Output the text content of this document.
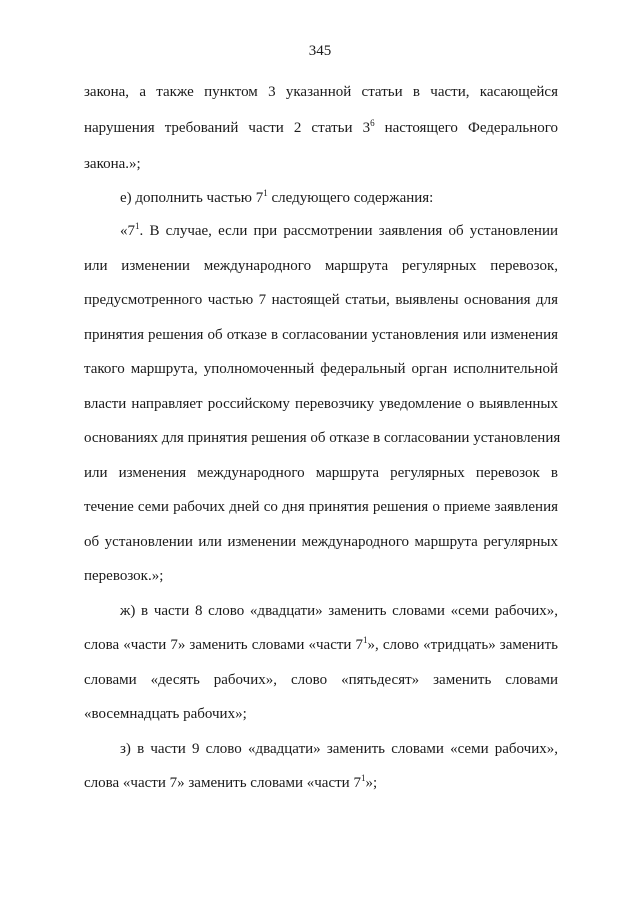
345
закона, а также пунктом 3 указанной статьи в части, касающейся
нарушения требований части 2 статьи $3^6$ настоящего Федерального
закона.»;
е) дополнить частью $7^1$ следующего содержания:
«$7^1$. В случае, если при рассмотрении заявления об установлении
или изменении международного маршрута регулярных перевозок,
предусмотренного частью 7 настоящей статьи, выявлены основания для
принятия решения об отказе в согласовании установления или изменения
такого маршрута, уполномоченный федеральный орган исполнительной
власти направляет российскому перевозчику уведомление о выявленных
основаниях для принятия решения об отказе в согласовании установления
или изменения международного маршрута регулярных перевозок в
течение семи рабочих дней со дня принятия решения о приеме заявления
об установлении или изменении международного маршрута регулярных
перевозок.»;
ж) в части 8 слово «двадцати» заменить словами «семи рабочих»,
слова «части 7» заменить словами «части $7^1$», слово «тридцать» заменить
словами «десять рабочих», слово «пятьдесят» заменить словами
«восемнадцать рабочих»;
з) в части 9 слово «двадцати» заменить словами «семи рабочих»,
слова «части 7» заменить словами «части $7^1$»;
